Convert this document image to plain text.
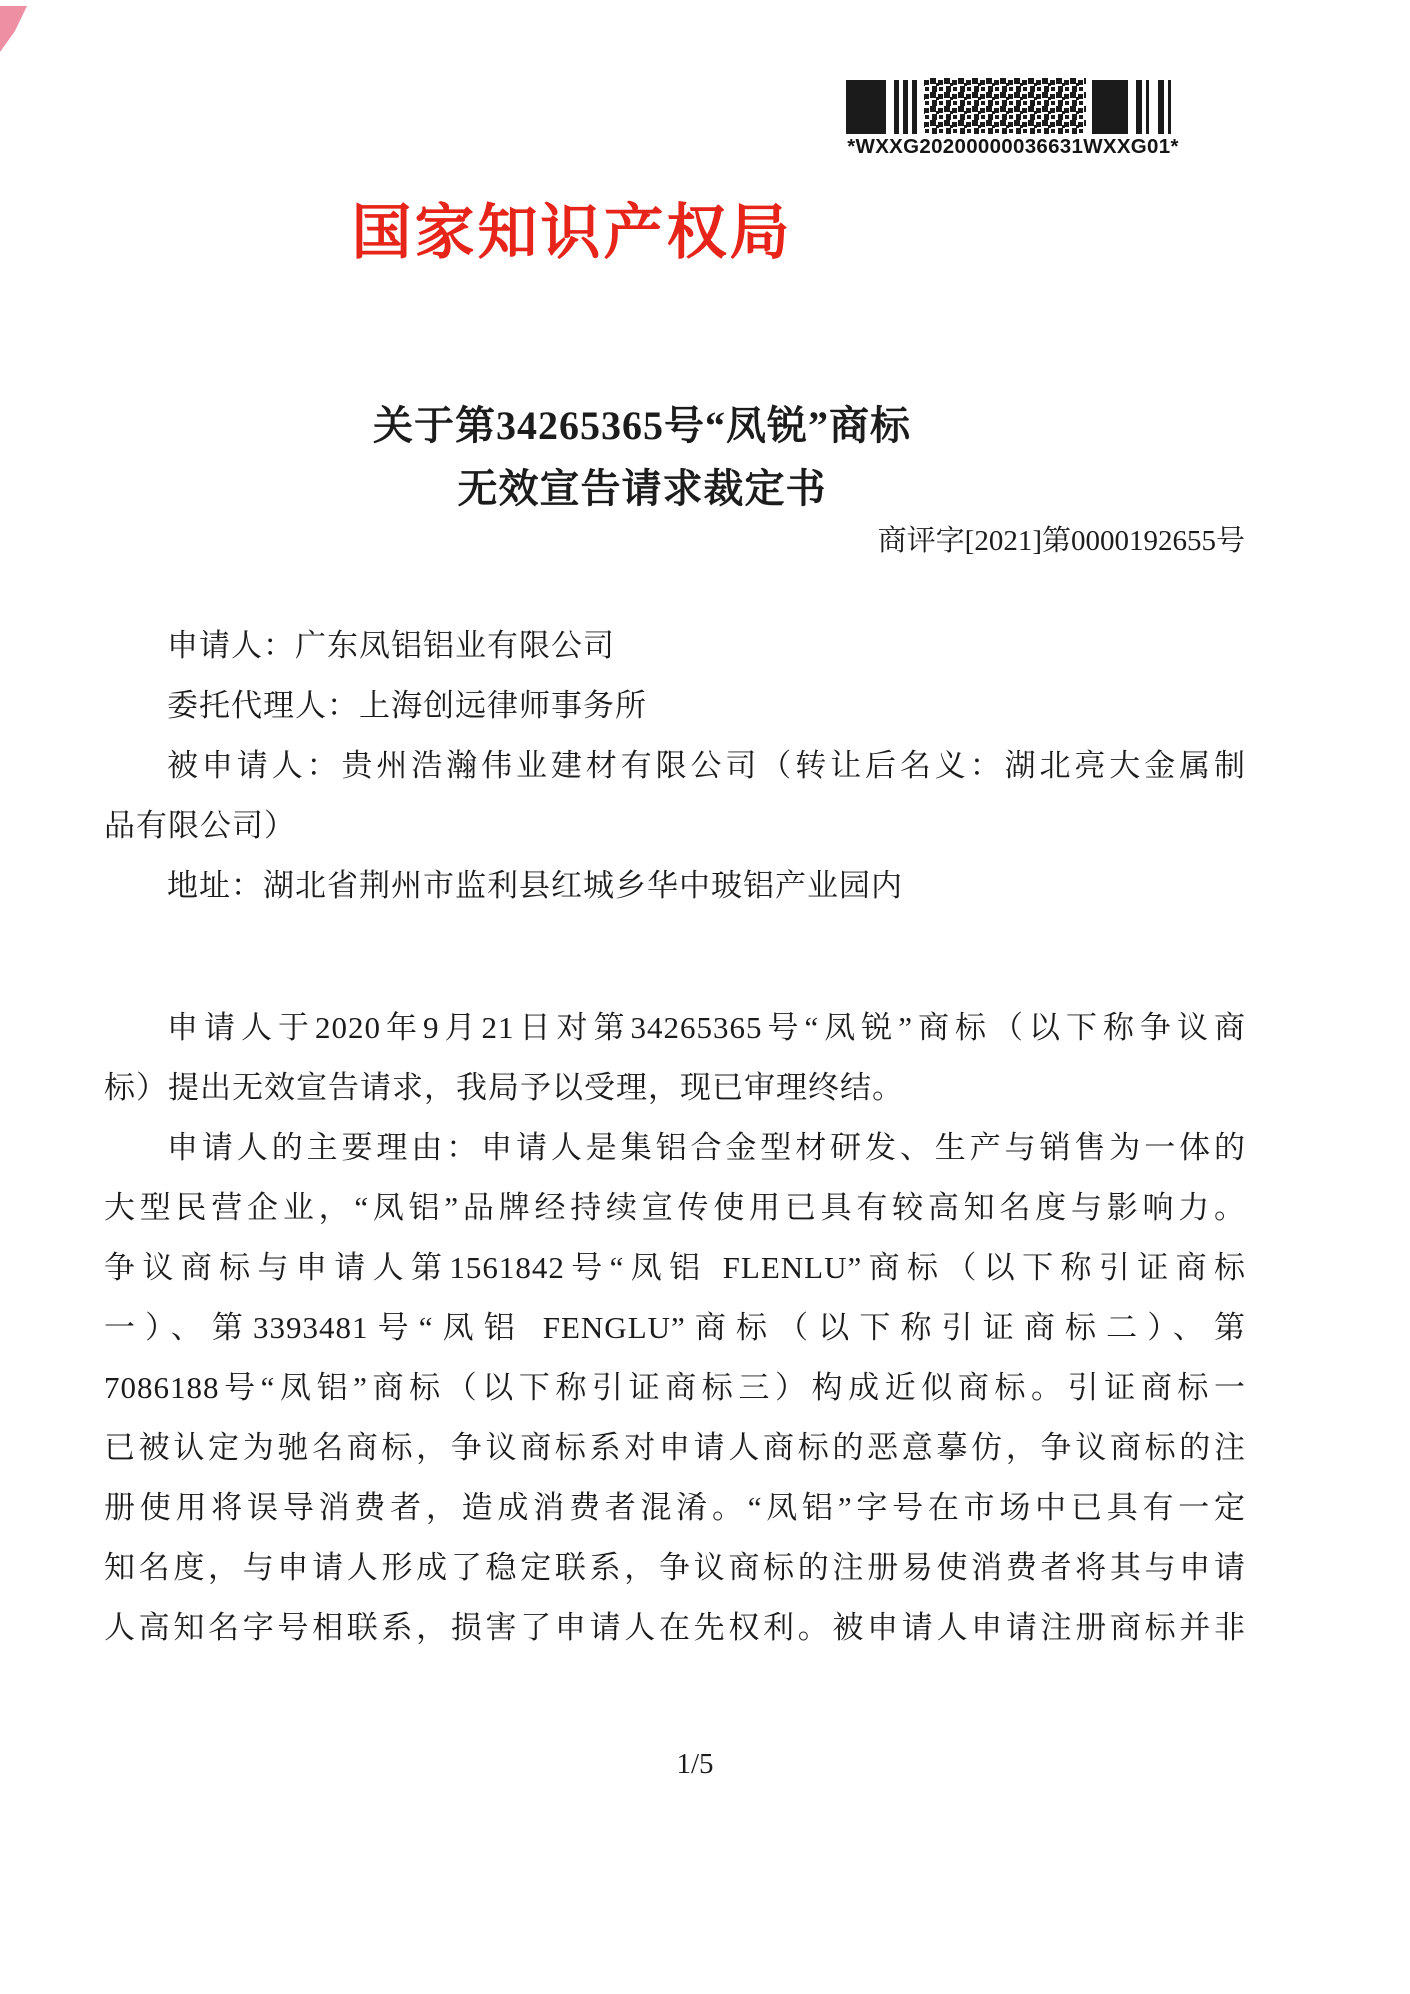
*WXXG20200000036631WXXG01*
国家知识产权局
关于第34265365号“凤锐”商标
无效宣告请求裁定书
商评字[2021]第0000192655号

申请人：广东凤铝铝业有限公司

委托代理人：上海创远律师事务所

被申请人：贵州浩瀚伟业建材有限公司（转让后名义：湖北亮大金属制

品有限公司）

地址：湖北省荆州市监利县红城乡华中玻铝产业园内

申请人于2020年9月21日对第34265365号“凤锐”商标（以下称争议商

标）提出无效宣告请求，我局予以受理，现已审理终结。

申请人的主要理由：申请人是集铝合金型材研发、生产与销售为一体的

大型民营企业，“凤铝”品牌经持续宣传使用已具有较高知名度与影响力。

争议商标与申请人第1561842号“凤铝 FLENLU”商标（以下称引证商标

一）、第3393481号“凤铝 FENGLU”商标（以下称引证商标二）、第

7086188号“凤铝”商标（以下称引证商标三）构成近似商标。引证商标一

已被认定为驰名商标，争议商标系对申请人商标的恶意摹仿，争议商标的注

册使用将误导消费者，造成消费者混淆。“凤铝”字号在市场中已具有一定

知名度，与申请人形成了稳定联系，争议商标的注册易使消费者将其与申请

人高知名字号相联系，损害了申请人在先权利。被申请人申请注册商标并非

1/5
